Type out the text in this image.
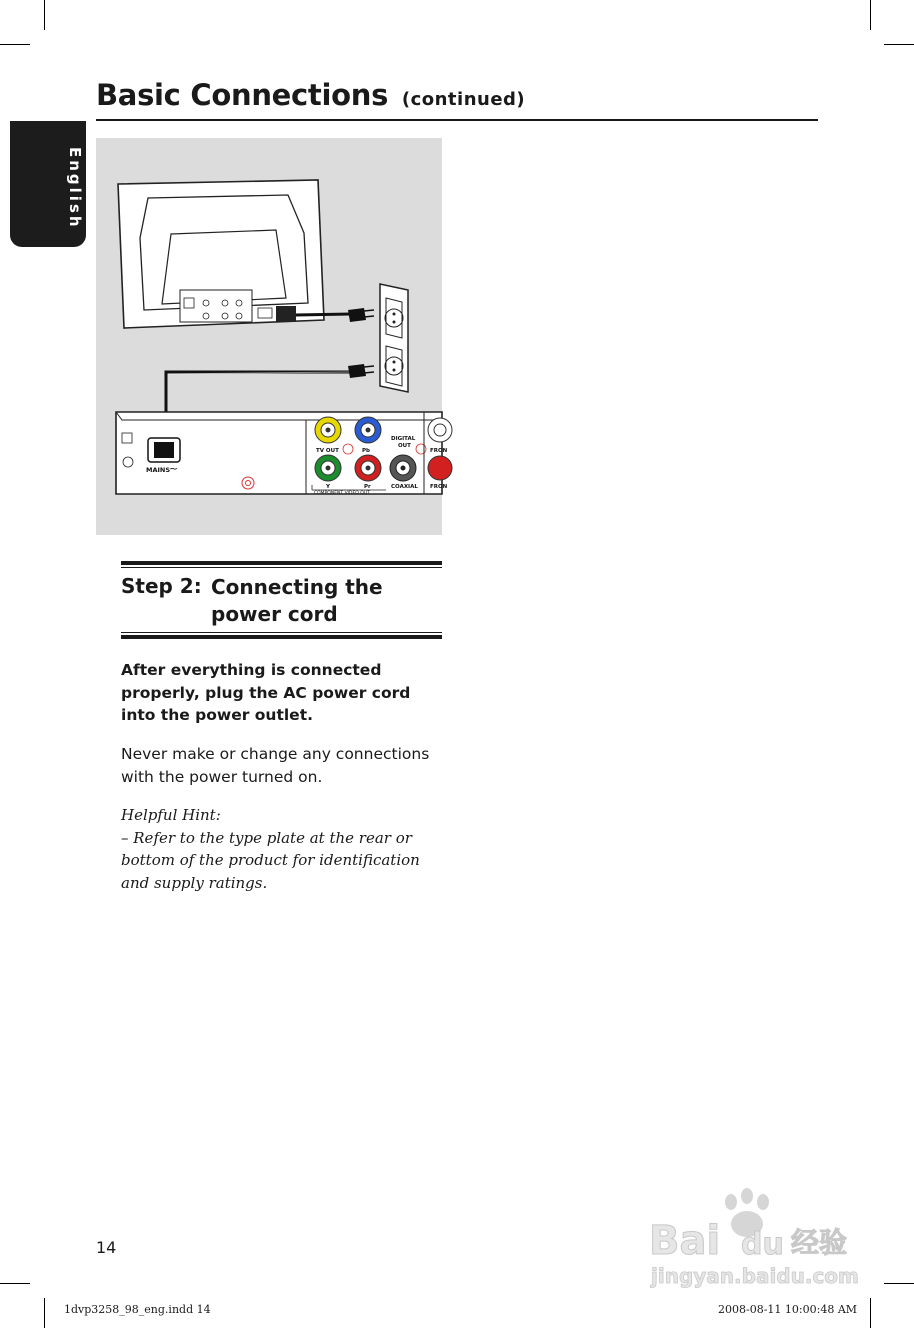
Basic Connections (continued)
English
MAINS
~
TV OUT	Pb
Y	Pr
COMPONENT VIDEO OUT
DIGITAL
OUT
COAXIAL
FRON
FRON
Step 2: Connecting the power cord
After everything is connected properly, plug the AC power cord into the power outlet.
Never make or change any connections with the power turned on.
Helpful Hint:
– Refer to the type plate at the rear or bottom of the product for identification and supply ratings.
14
1dvp3258_98_eng.indd 14	2008-08-11 10:00:48 AM
Bai du 经验
jingyan.baidu.com
